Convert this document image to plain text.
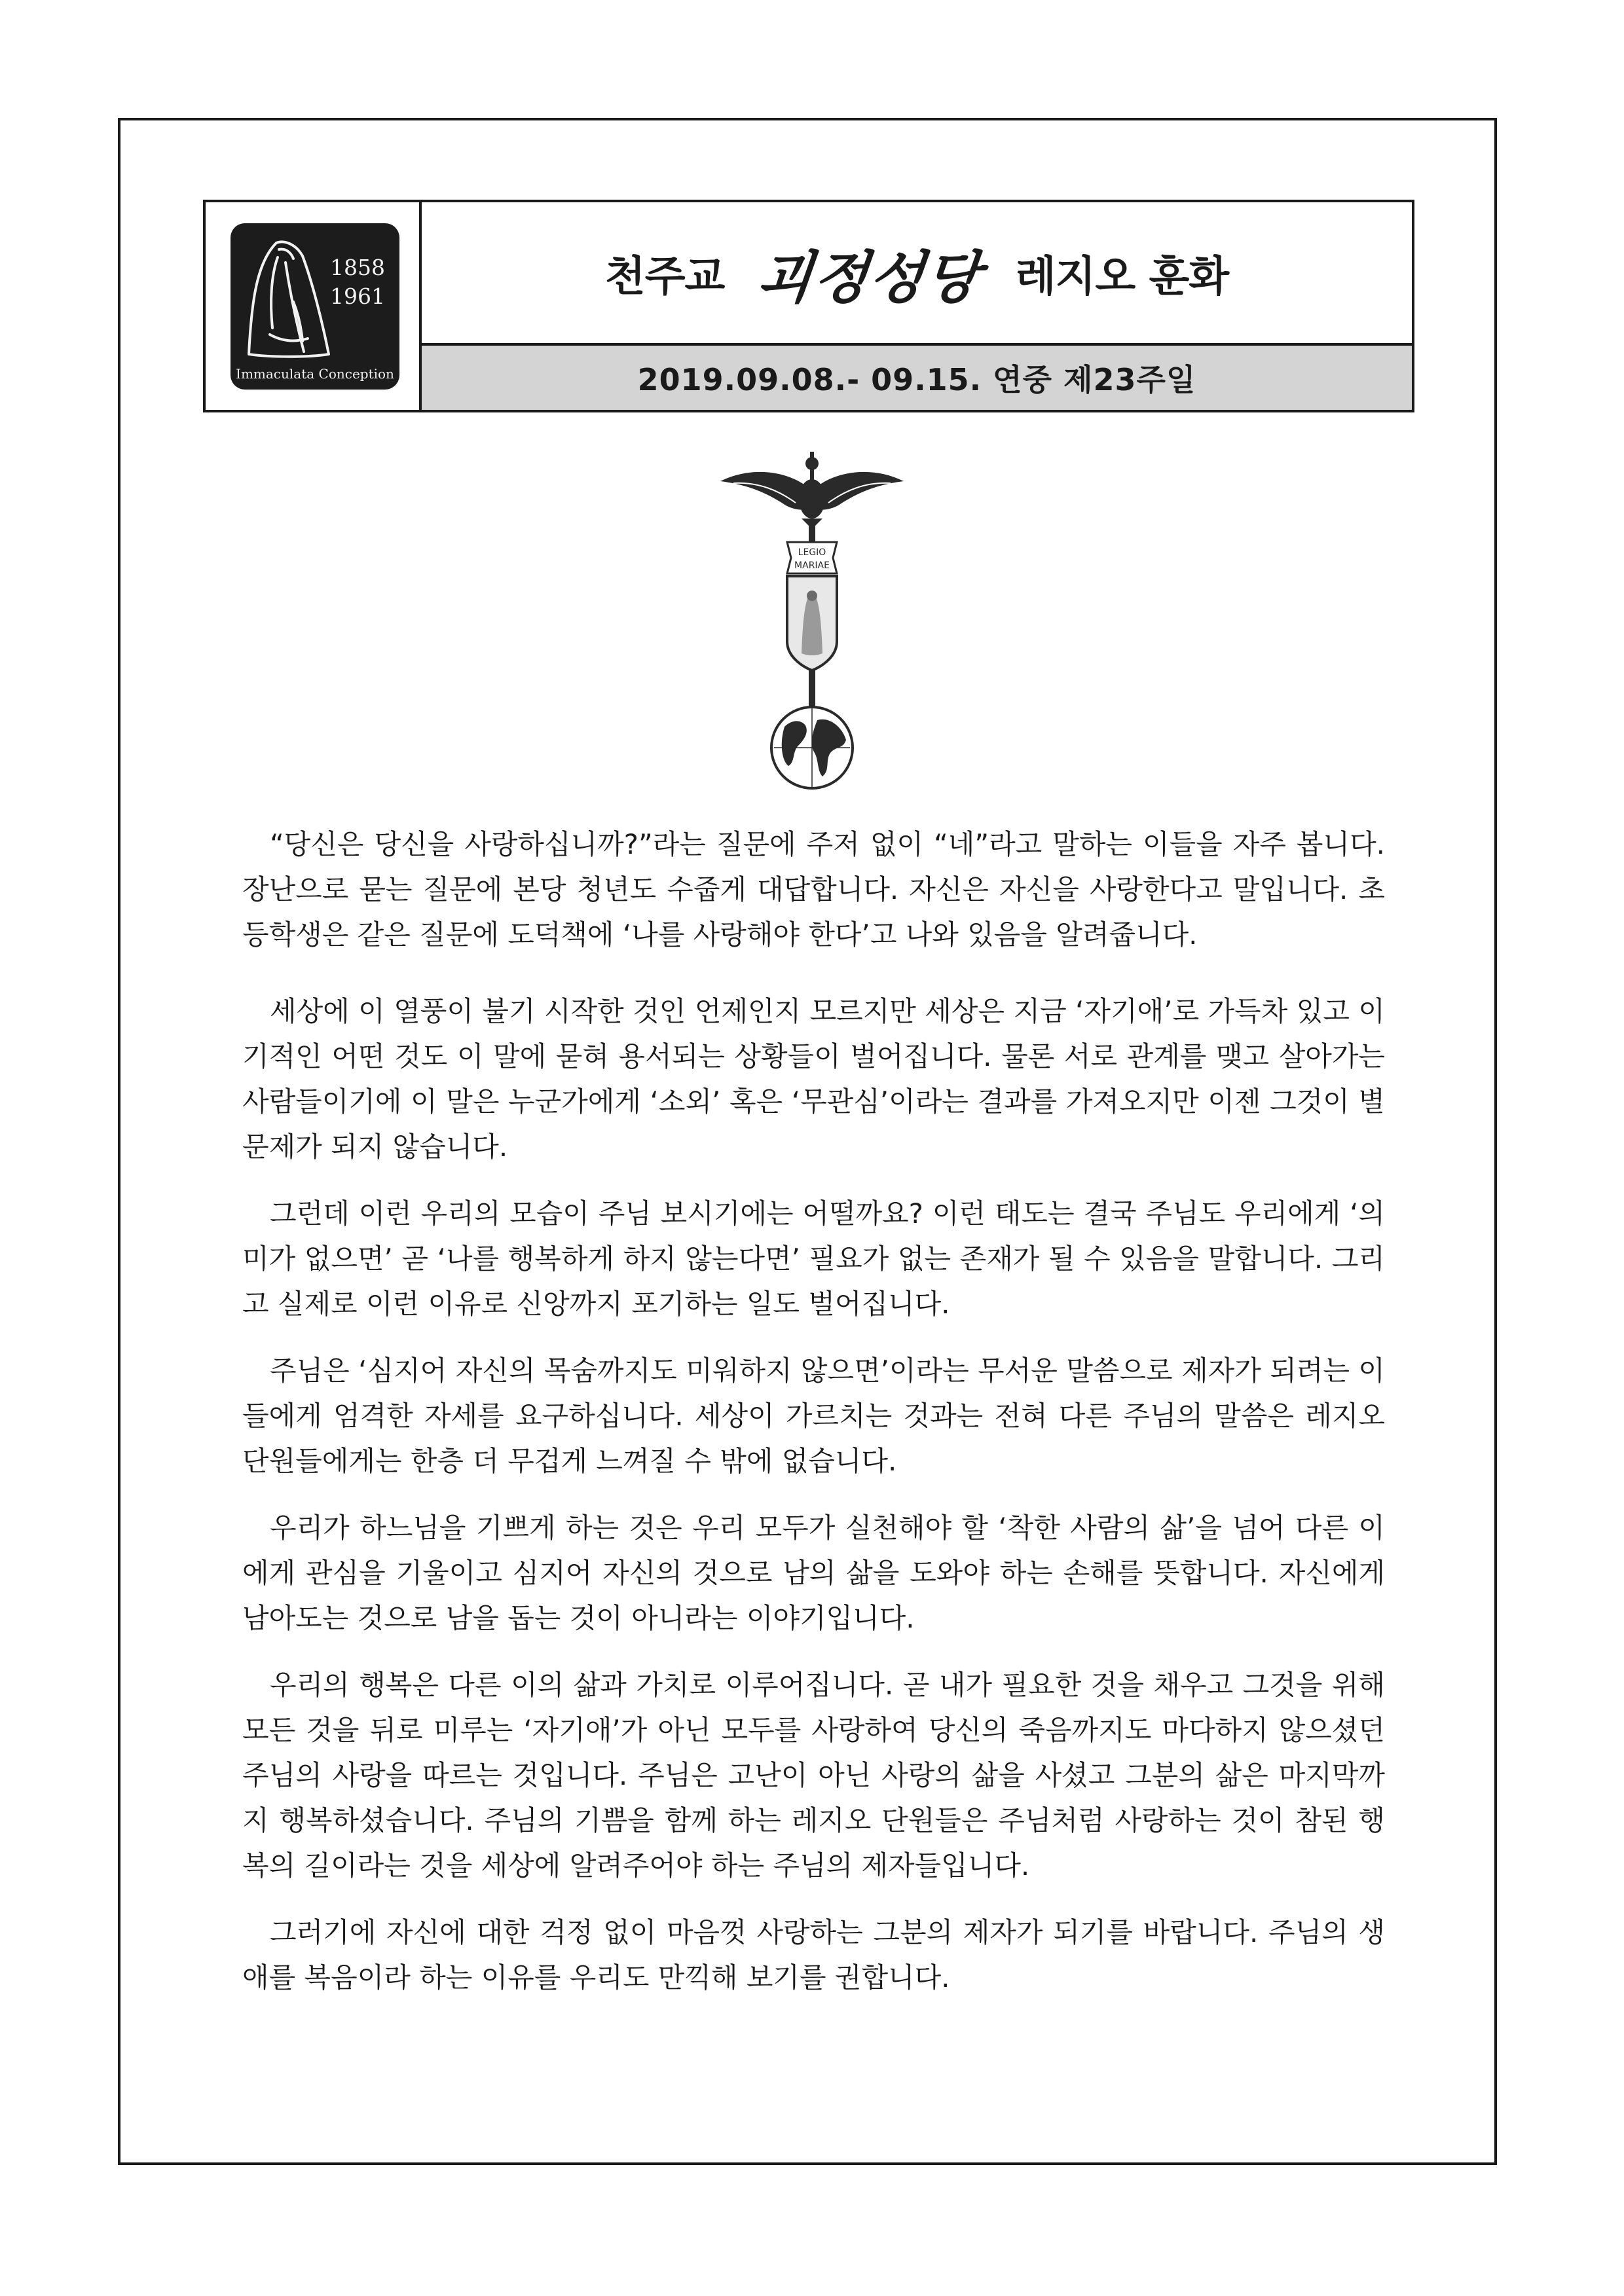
1858
1961
Immaculata Conception
천주교 괴정성당 레지오 훈화
2019.09.08.- 09.15. 연중 제23주일
LEGIO
MARIAE

“당신은 당신을 사랑하십니까?”라는 질문에 주저 없이 “네”라고 말하는 이들을 자주 봅니다. 장난으로 묻는 질문에 본당 청년도 수줍게 대답합니다. 자신은 자신을 사랑한다고 말입니다. 초등학생은 같은 질문에 도덕책에 ‘나를 사랑해야 한다’고 나와 있음을 알려줍니다.

세상에 이 열풍이 불기 시작한 것인 언제인지 모르지만 세상은 지금 ‘자기애’로 가득차 있고 이기적인 어떤 것도 이 말에 묻혀 용서되는 상황들이 벌어집니다. 물론 서로 관계를 맺고 살아가는 사람들이기에 이 말은 누군가에게 ‘소외’ 혹은 ‘무관심’이라는 결과를 가져오지만 이젠 그것이 별 문제가 되지 않습니다.

그런데 이런 우리의 모습이 주님 보시기에는 어떨까요? 이런 태도는 결국 주님도 우리에게 ‘의미가 없으면’ 곧 ‘나를 행복하게 하지 않는다면’ 필요가 없는 존재가 될 수 있음을 말합니다. 그리고 실제로 이런 이유로 신앙까지 포기하는 일도 벌어집니다.

주님은 ‘심지어 자신의 목숨까지도 미워하지 않으면’이라는 무서운 말씀으로 제자가 되려는 이들에게 엄격한 자세를 요구하십니다. 세상이 가르치는 것과는 전혀 다른 주님의 말씀은 레지오 단원들에게는 한층 더 무겁게 느껴질 수 밖에 없습니다.

우리가 하느님을 기쁘게 하는 것은 우리 모두가 실천해야 할 ‘착한 사람의 삶’을 넘어 다른 이에게 관심을 기울이고 심지어 자신의 것으로 남의 삶을 도와야 하는 손해를 뜻합니다. 자신에게 남아도는 것으로 남을 돕는 것이 아니라는 이야기입니다.

우리의 행복은 다른 이의 삶과 가치로 이루어집니다. 곧 내가 필요한 것을 채우고 그것을 위해 모든 것을 뒤로 미루는 ‘자기애’가 아닌 모두를 사랑하여 당신의 죽음까지도 마다하지 않으셨던 주님의 사랑을 따르는 것입니다. 주님은 고난이 아닌 사랑의 삶을 사셨고 그분의 삶은 마지막까지 행복하셨습니다. 주님의 기쁨을 함께 하는 레지오 단원들은 주님처럼 사랑하는 것이 참된 행복의 길이라는 것을 세상에 알려주어야 하는 주님의 제자들입니다.

그러기에 자신에 대한 걱정 없이 마음껏 사랑하는 그분의 제자가 되기를 바랍니다. 주님의 생애를 복음이라 하는 이유를 우리도 만끽해 보기를 권합니다.
